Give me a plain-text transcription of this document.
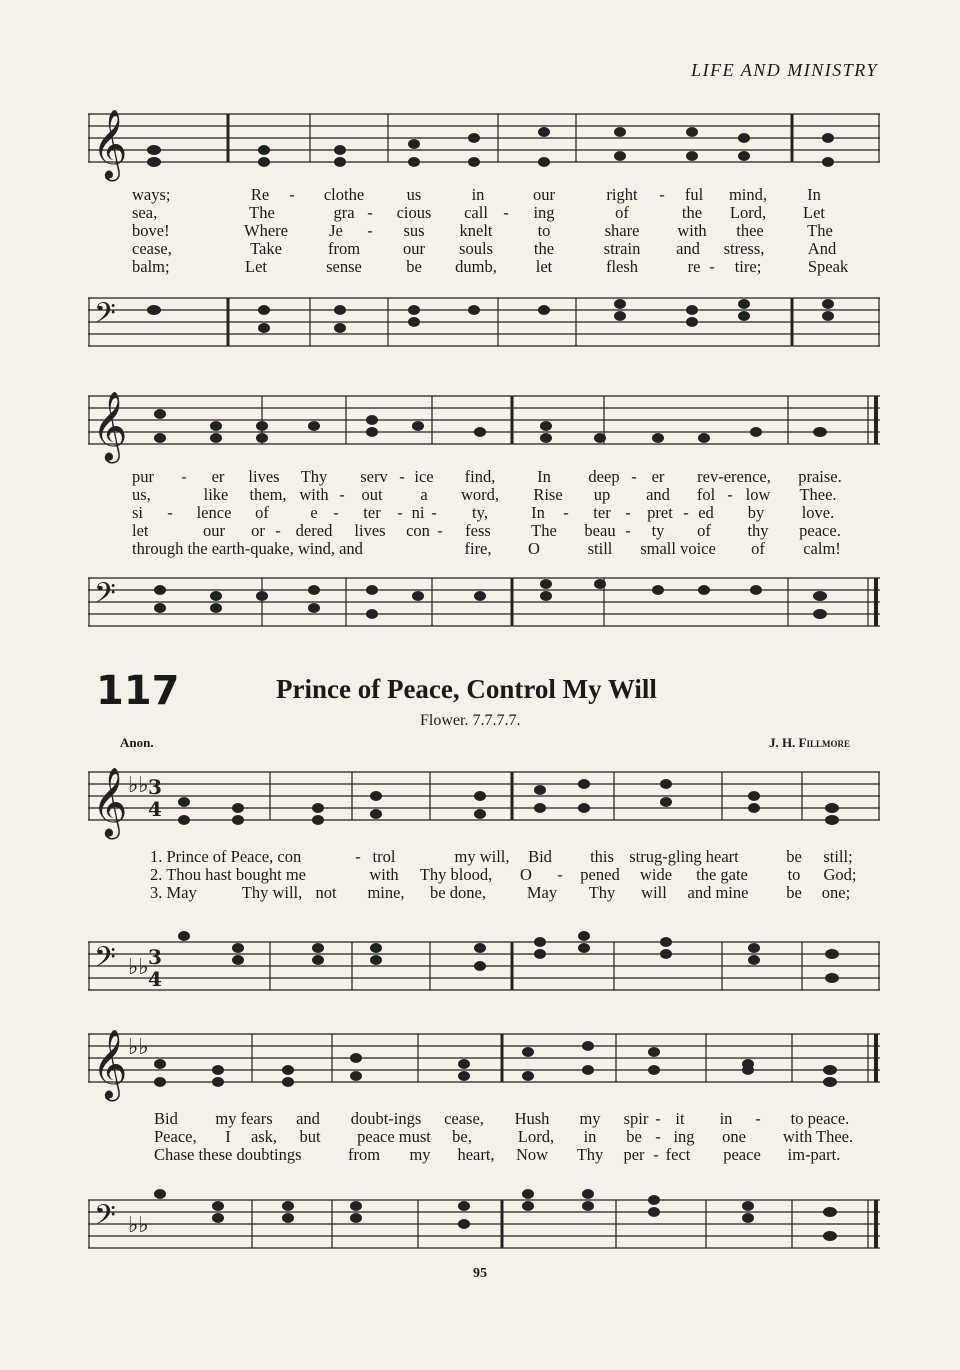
LIFE AND MINISTRY
𝄞
ways;	Re - clothe	us	in	our	right - ful mind, In
sea,	The	gra - cious call - ing	of	the Lord, Let
bove!	Where Je - sus knelt	to	share with thee	The
cease,	Take	from	our souls the	strain and stress,	And
balm;	Let	sense	be dumb, let	flesh	re - tire;	Speak
𝄢
𝄞
pur - er lives Thy serv - ice find,	In deep - er rev-erence, praise.
us,	like them, with - out a word, Rise up and fol - low Thee.
si - lence of	e - ter - ni - ty,	In - ter - pret - ed by love.
let	our or - dered lives con - fess The beau - ty of thy peace.
through the earth-quake, wind, and	fire, O	still small voice of calm!
𝄢
117	Prince of Peace, Control My Will
Flower. 7.7.7.7.
Anon.	J. H. Fillmore
𝄞 ♭♭ 3
4
1. Prince of Peace, con	- trol	my will, Bid this strug-gling heart	be still;
2. Thou hast bought me	with Thy blood, O - pened wide the gate to God;
3. May	Thy will, not mine, be done, May Thy will and mine be one;
𝄢 ♭♭ 3
4
𝄞 ♭♭
Bid my fears and doubt-ings cease, Hush my spir - it in - to peace.
Peace, I ask, but peace must be,	Lord, in be - ing one with Thee.
Chase these doubtings	from my heart, Now Thy per - fect peace im-part.
𝄢 ♭♭
95
